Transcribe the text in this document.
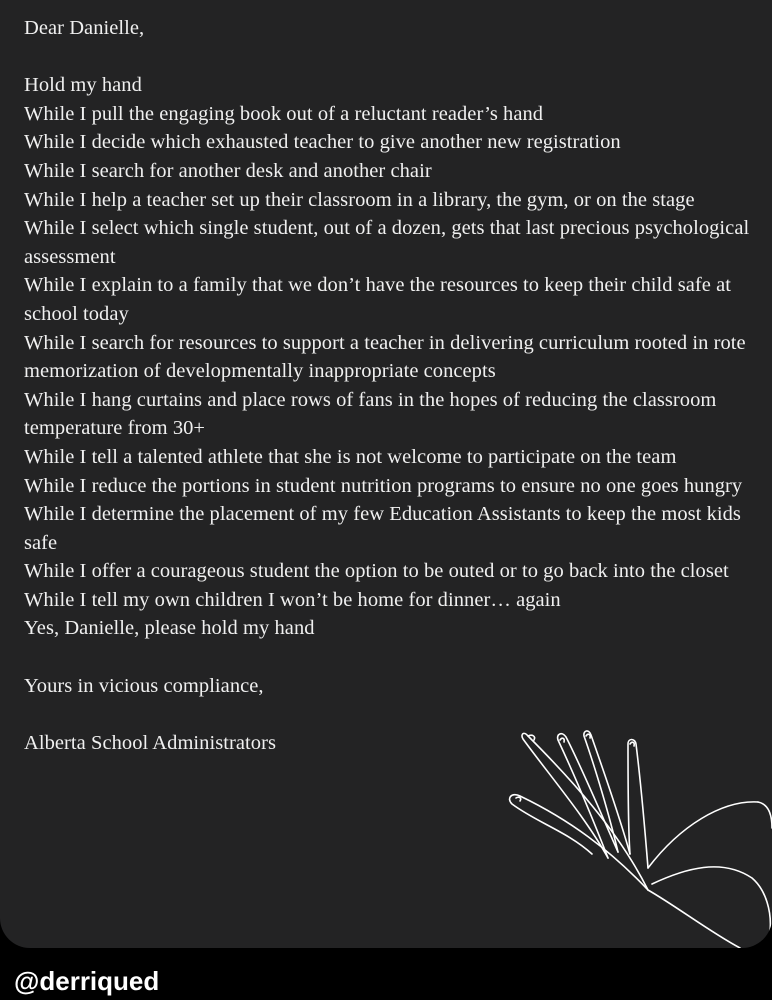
Dear Danielle,

Hold my hand

While I pull the engaging book out of a reluctant reader’s hand

While I decide which exhausted teacher to give another new registration

While I search for another desk and another chair

While I help a teacher set up their classroom in a library, the gym, or on the stage

While I select which single student, out of a dozen, gets that last precious psychological assessment

While I explain to a family that we don’t have the resources to keep their child safe at school today

While I search for resources to support a teacher in delivering curriculum rooted in rote memorization of developmentally inappropriate concepts

While I hang curtains and place rows of fans in the hopes of reducing the classroom temperature from 30+

While I tell a talented athlete that she is not welcome to participate on the team

While I reduce the portions in student nutrition programs to ensure no one goes hungry

While I determine the placement of my few Education Assistants to keep the most kids safe

While I offer a courageous student the option to be outed or to go back into the closet

While I tell my own children I won’t be home for dinner… again

Yes, Danielle, please hold my hand

Yours in vicious compliance,

Alberta School Administrators

@derriqued
